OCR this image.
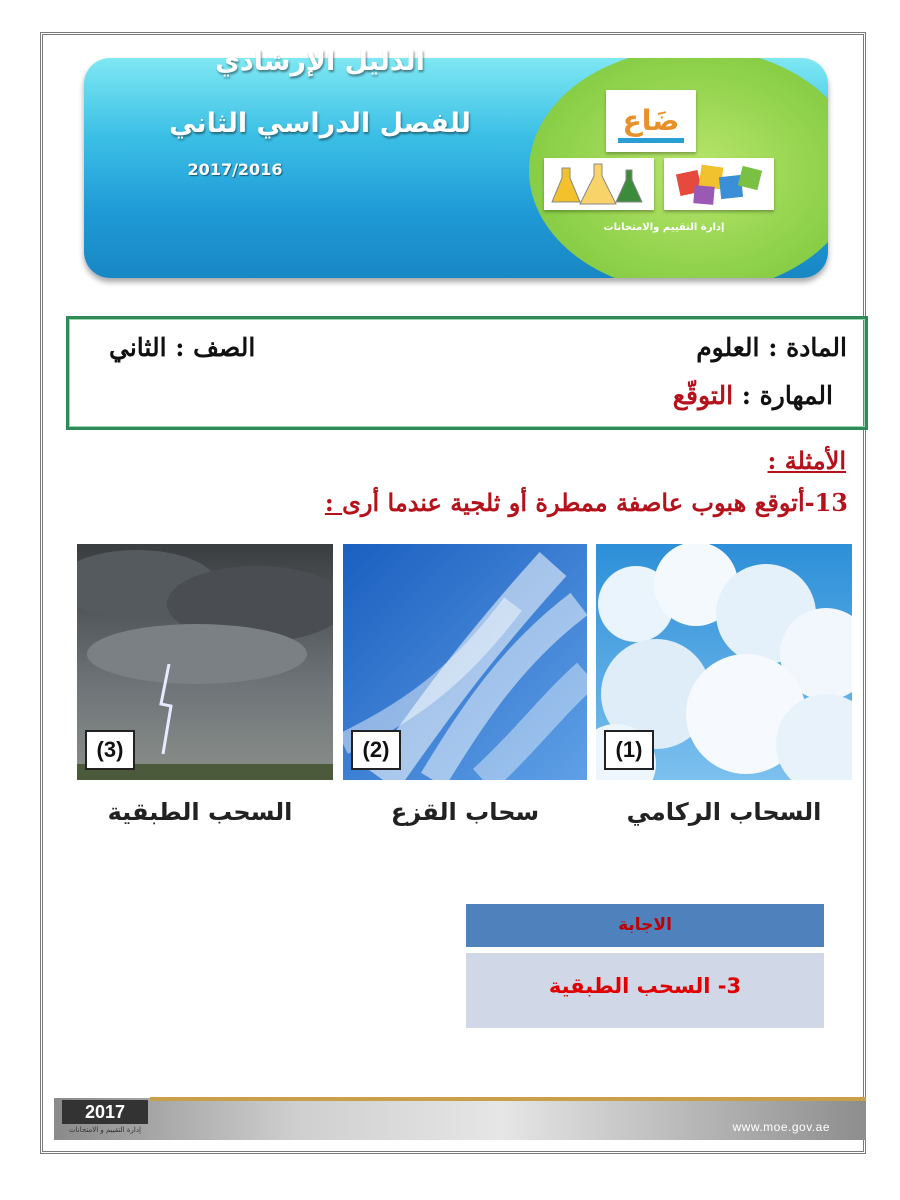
ضَاعِ
إدارة التقييم والامتحانات
الدليل الإرشادي
للفصل الدراسي الثاني
2017/2016
المادة : العلوم
الصف : الثاني
المهارة : التوقّع
الأمثلة :
13-أتوقع هبوب عاصفة ممطرة أو ثلجية عندما أرى :
(1)
(2)
(3)
السحاب الركامي
سحاب القزع
السحب الطبقية
الاجابة
3- السحب الطبقية
2017
إدارة التقييم و الامتحانات	www.moe.gov.ae
